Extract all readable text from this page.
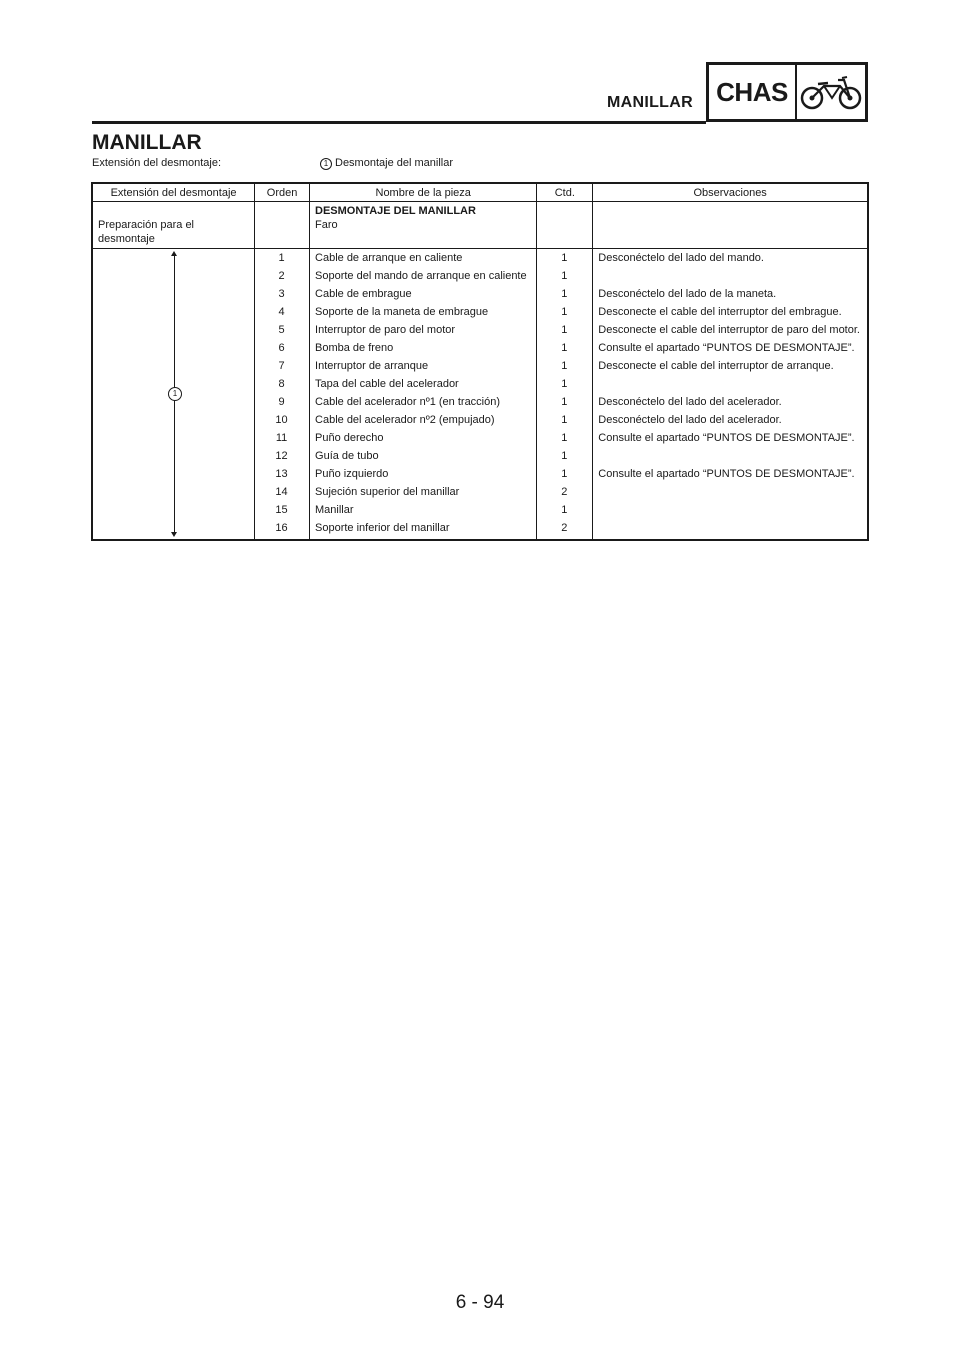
MANILLAR CHAS
MANILLAR
Extensión del desmontaje:	1 Desmontaje del manillar
Extensión del desmontaje	Orden	Nombre de la pieza	Ctd.	Observaciones
Preparación para el desmontaje		DESMONTAJE DEL MANILLAR
Faro		

1	1	Cable de arranque en caliente	1	Desconéctelo del lado del mando.
	2	Soporte del mando de arranque en caliente	1	
	3	Cable de embrague	1	Desconéctelo del lado de la maneta.
	4	Soporte de la maneta de embrague	1	Desconecte el cable del interruptor del embrague.
	5	Interruptor de paro del motor	1	Desconecte el cable del interruptor de paro del motor.
	6	Bomba de freno	1	Consulte el apartado “PUNTOS DE DESMONTAJE”.
	7	Interruptor de arranque	1	Desconecte el cable del interruptor de arranque.
	8	Tapa del cable del acelerador	1	
	9	Cable del acelerador nº1 (en tracción)	1	Desconéctelo del lado del acelerador.
	10	Cable del acelerador nº2 (empujado)	1	Desconéctelo del lado del acelerador.
	11	Puño derecho	1	Consulte el apartado “PUNTOS DE DESMONTAJE”.
	12	Guía de tubo	1	
	13	Puño izquierdo	1	Consulte el apartado “PUNTOS DE DESMONTAJE”.
	14	Sujeción superior del manillar	2	
	15	Manillar	1	
	16	Soporte inferior del manillar	2	
6 - 94
